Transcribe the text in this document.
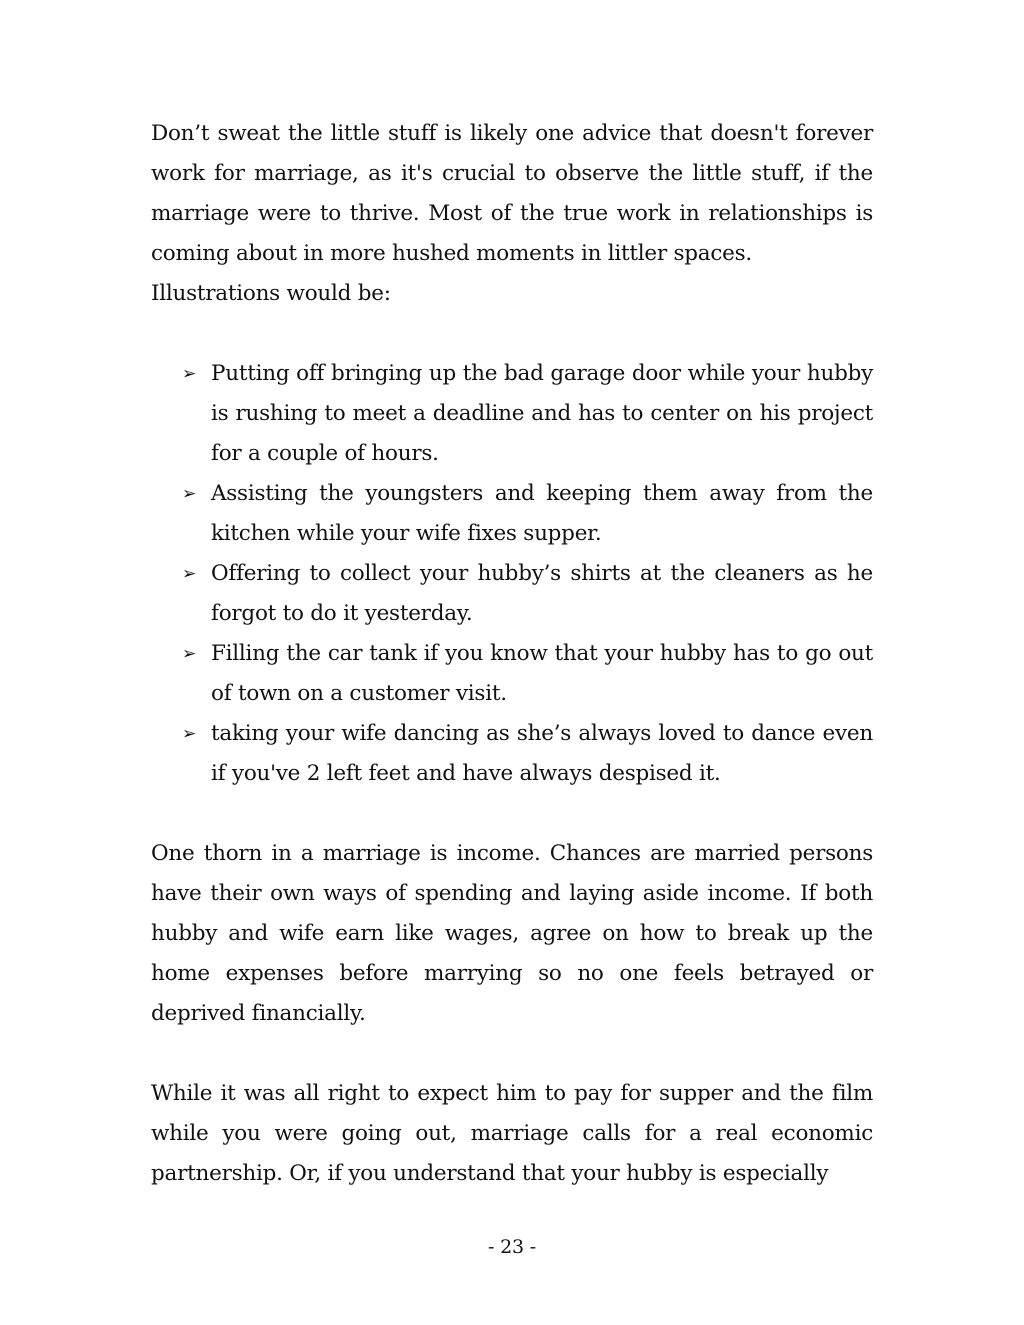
Don’t sweat the little stuff is likely one advice that doesn't forever work for marriage, as it's crucial to observe the little stuff, if the marriage were to thrive. Most of the true work in relationships is coming about in more hushed moments in littler spaces.

Illustrations would be:

➢ Putting off bringing up the bad garage door while your hubby is rushing to meet a deadline and has to center on his project for a couple of hours.
➢ Assisting the youngsters and keeping them away from the kitchen while your wife fixes supper.
➢ Offering to collect your hubby’s shirts at the cleaners as he forgot to do it yesterday.
➢ Filling the car tank if you know that your hubby has to go out of town on a customer visit.
➢ taking your wife dancing as she’s always loved to dance even if you've 2 left feet and have always despised it.

One thorn in a marriage is income. Chances are married persons have their own ways of spending and laying aside income. If both hubby and wife earn like wages, agree on how to break up the home expenses before marrying so no one feels betrayed or deprived financially.

While it was all right to expect him to pay for supper and the film while you were going out, marriage calls for a real economic partnership. Or, if you understand that your hubby is especially

- 23 -
